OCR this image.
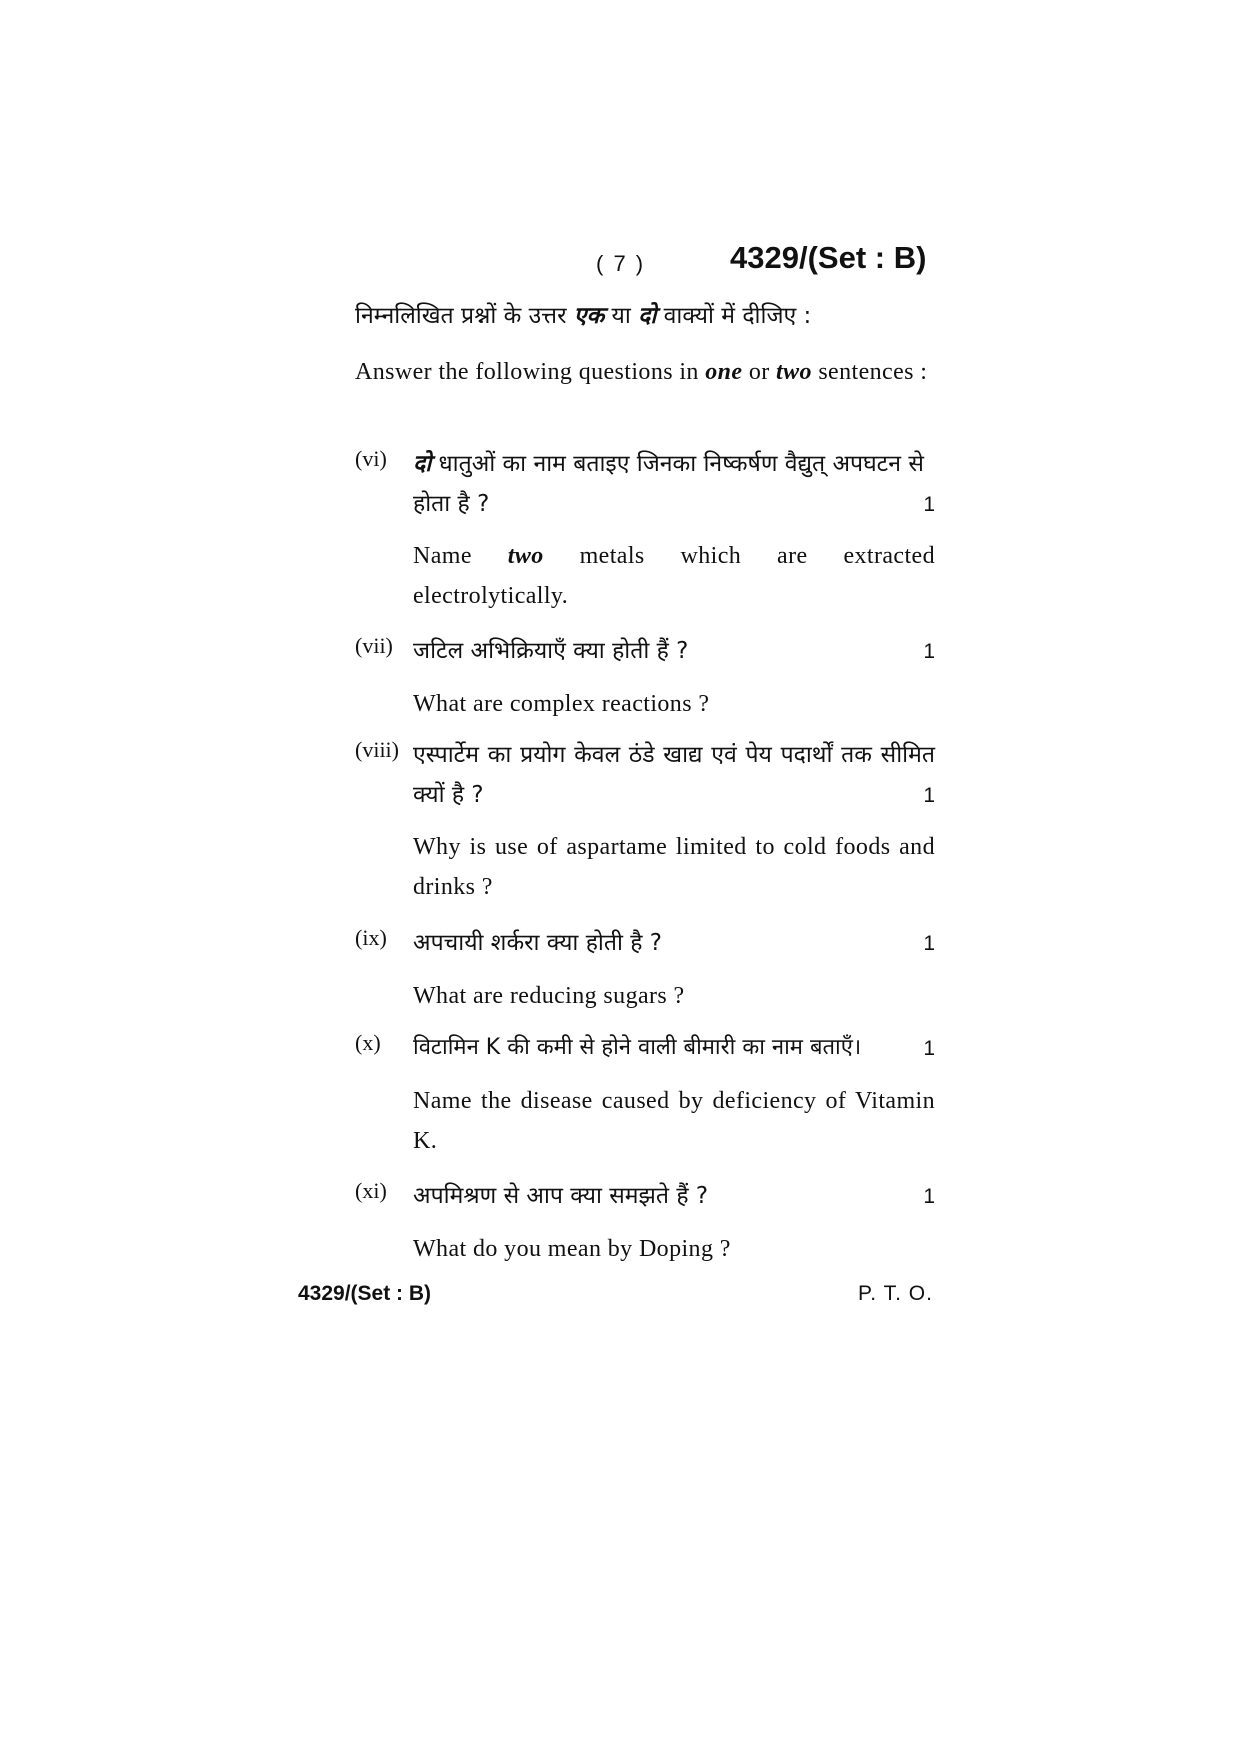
( 7 )	4329/(Set : B)
निम्नलिखित प्रश्नों के उत्तर एक या दो वाक्यों में दीजिए :
Answer the following questions in one or two sentences :
(vi) दो धातुओं का नाम बताइए जिनका निष्कर्षण वैद्युत् अपघटन से होता है ?	1
Name two metals which are extracted electrolytically.
(vii) जटिल अभिक्रियाएँ क्या होती हैं ?	1
What are complex reactions ?
(viii) एस्पार्टेम का प्रयोग केवल ठंडे खाद्य एवं पेय पदार्थों तक सीमित क्यों है ?	1
Why is use of aspartame limited to cold foods and drinks ?
(ix) अपचायी शर्करा क्या होती है ?	1
What are reducing sugars ?
(x) विटामिन K की कमी से होने वाली बीमारी का नाम बताएँ।	1
Name the disease caused by deficiency of Vitamin K.
(xi) अपमिश्रण से आप क्या समझते हैं ?	1
What do you mean by Doping ?
4329/(Set : B)	P. T. O.
